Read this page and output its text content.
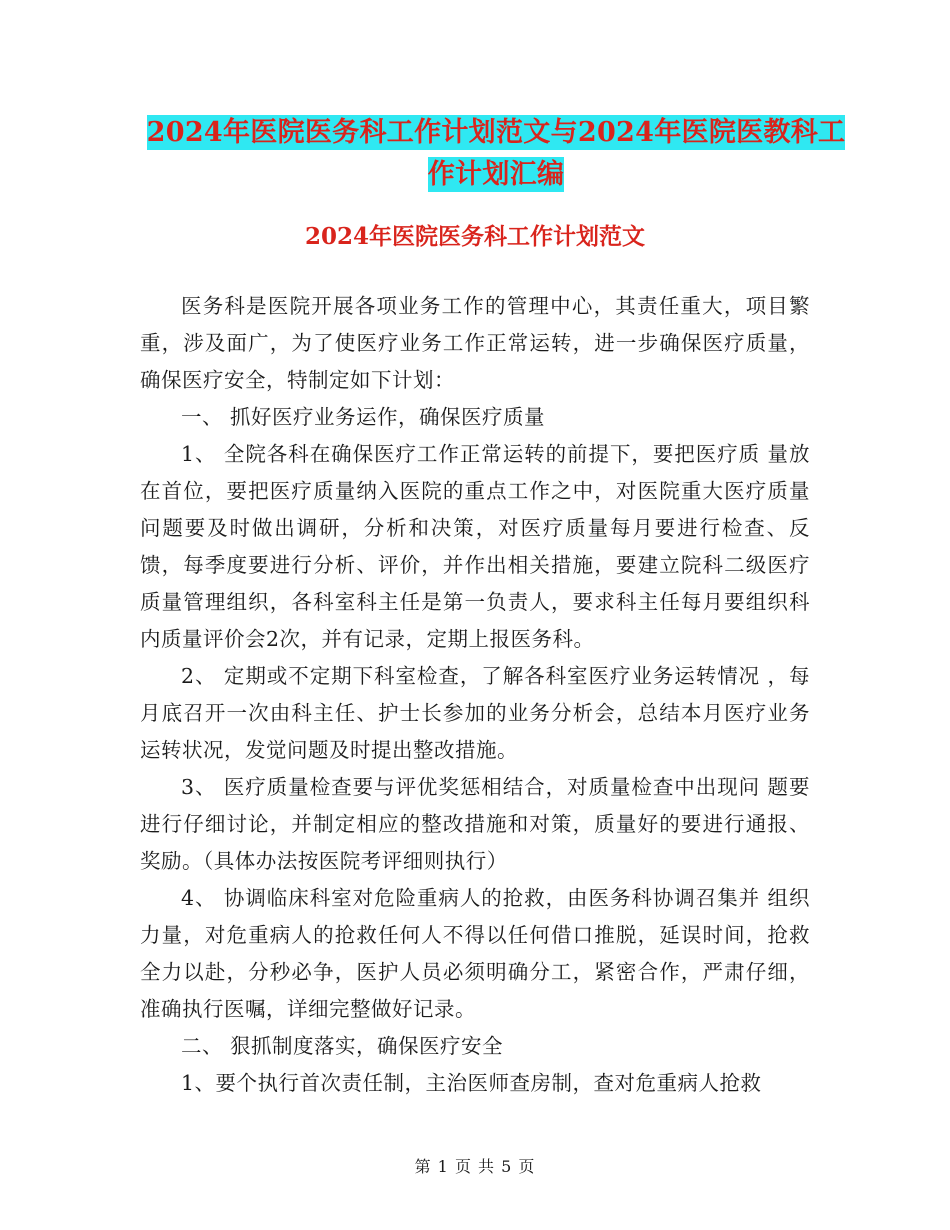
2024年医院医务科工作计划范文与2024年医院医教科工作计划汇编
2024年医院医务科工作计划范文

医务科是医院开展各项业务工作的管理中心，其责任重大，项目繁重，涉及面广，为了使医疗业务工作正常运转，进一步确保医疗质量，确保医疗安全，特制定如下计划：

一、 抓好医疗业务运作，确保医疗质量

1、 全院各科在确保医疗工作正常运转的前提下，要把医疗质 量放在首位，要把医疗质量纳入医院的重点工作之中，对医院重大医疗质量问题要及时做出调研，分析和决策，对医疗质量每月要进行检查、反馈，每季度要进行分析、评价，并作出相关措施，要建立院科二级医疗质量管理组织，各科室科主任是第一负责人，要求科主任每月要组织科内质量评价会2次，并有记录，定期上报医务科。

2、 定期或不定期下科室检查，了解各科室医疗业务运转情况 ，每月底召开一次由科主任、护士长参加的业务分析会，总结本月医疗业务运转状况，发觉问题及时提出整改措施。

3、 医疗质量检查要与评优奖惩相结合，对质量检查中出现问 题要进行仔细讨论，并制定相应的整改措施和对策，质量好的要进行通报、奖励。（具体办法按医院考评细则执行）

4、 协调临床科室对危险重病人的抢救，由医务科协调召集并 组织力量，对危重病人的抢救任何人不得以任何借口推脱，延误时间，抢救全力以赴，分秒必争，医护人员必须明确分工，紧密合作，严肃仔细，准确执行医嘱，详细完整做好记录。

二、 狠抓制度落实，确保医疗安全

1、要个执行首次责任制，主治医师查房制，查对危重病人抢救

第 1 页 共 5 页
